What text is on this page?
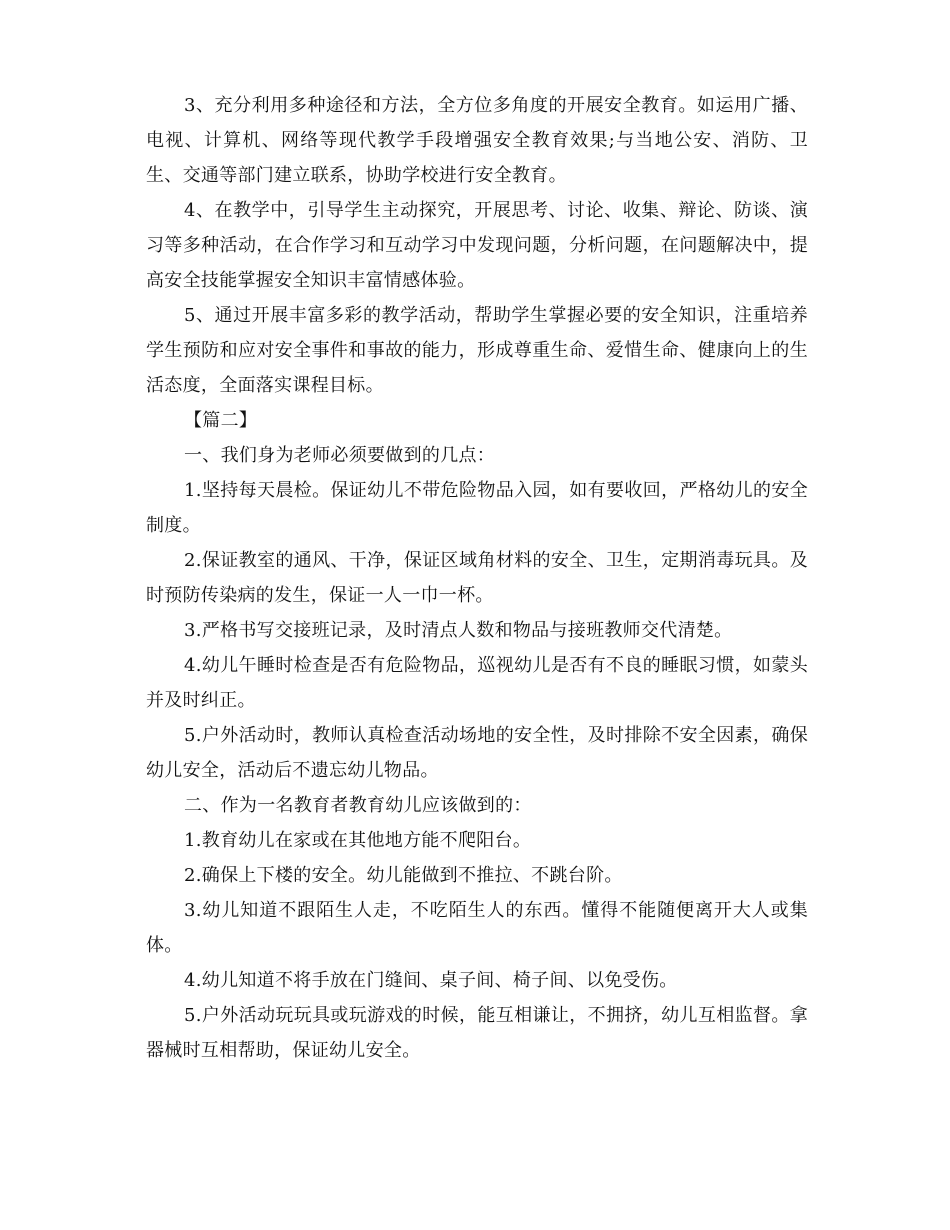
3、充分利用多种途径和方法，全方位多角度的开展安全教育。如运用广播、电视、计算机、网络等现代教学手段增强安全教育效果;与当地公安、消防、卫生、交通等部门建立联系，协助学校进行安全教育。

4、在教学中，引导学生主动探究，开展思考、讨论、收集、辩论、防谈、演习等多种活动，在合作学习和互动学习中发现问题，分析问题，在问题解决中，提高安全技能掌握安全知识丰富情感体验。

5、通过开展丰富多彩的教学活动，帮助学生掌握必要的安全知识，注重培养学生预防和应对安全事件和事故的能力，形成尊重生命、爱惜生命、健康向上的生活态度，全面落实课程目标。

【篇二】

一、我们身为老师必须要做到的几点：

1.坚持每天晨检。保证幼儿不带危险物品入园，如有要收回，严格幼儿的安全制度。

2.保证教室的通风、干净，保证区域角材料的安全、卫生，定期消毒玩具。及时预防传染病的发生，保证一人一巾一杯。

3.严格书写交接班记录，及时清点人数和物品与接班教师交代清楚。

4.幼儿午睡时检查是否有危险物品，巡视幼儿是否有不良的睡眠习惯，如蒙头并及时纠正。

5.户外活动时，教师认真检查活动场地的安全性，及时排除不安全因素，确保幼儿安全，活动后不遗忘幼儿物品。

二、作为一名教育者教育幼儿应该做到的：

1.教育幼儿在家或在其他地方能不爬阳台。

2.确保上下楼的安全。幼儿能做到不推拉、不跳台阶。

3.幼儿知道不跟陌生人走，不吃陌生人的东西。懂得不能随便离开大人或集体。

4.幼儿知道不将手放在门缝间、桌子间、椅子间、以免受伤。

5.户外活动玩玩具或玩游戏的时候，能互相谦让，不拥挤，幼儿互相监督。拿器械时互相帮助，保证幼儿安全。
